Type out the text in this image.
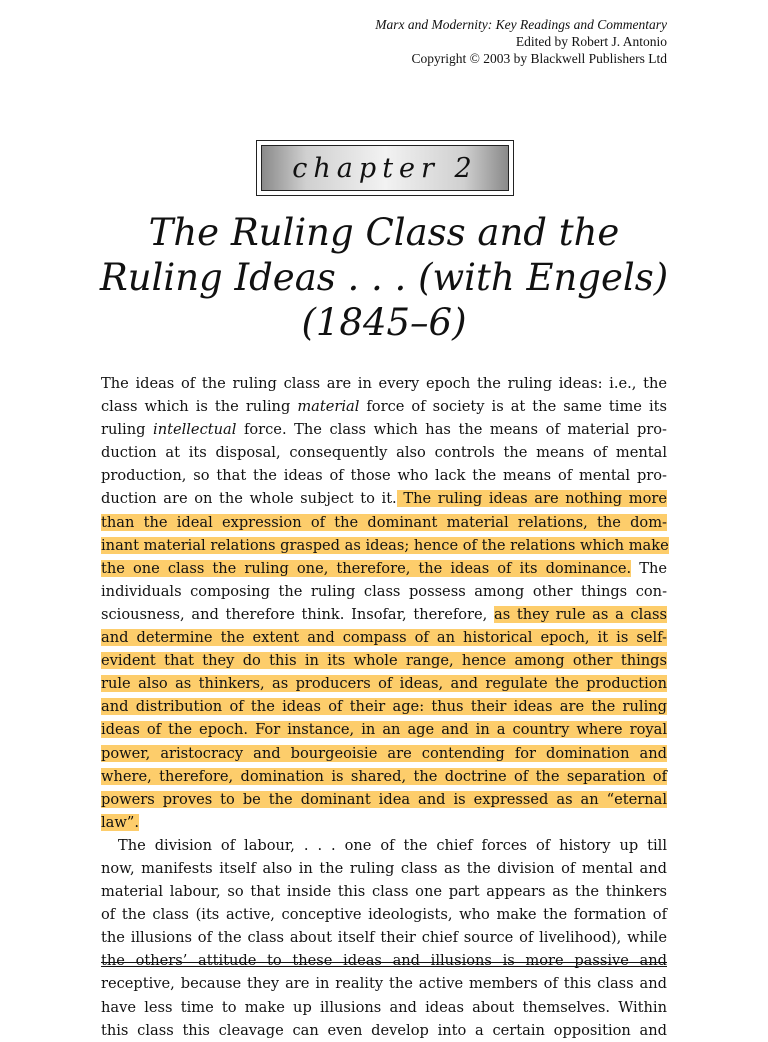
Marx and Modernity: Key Readings and Commentary
Edited by Robert J. Antonio
Copyright © 2003 by Blackwell Publishers Ltd
chapter 2
The Ruling Class and the
Ruling Ideas . . . (with Engels)
(1845–6)
The ideas of the ruling class are in every epoch the ruling ideas: i.e., the
class which is the ruling material force of society is at the same time its
ruling intellectual force. The class which has the means of material pro-
duction at its disposal, consequently also controls the means of mental
production, so that the ideas of those who lack the means of mental pro-
duction are on the whole subject to it. The ruling ideas are nothing more
than the ideal expression of the dominant material relations, the dom-
inant material relations grasped as ideas; hence of the relations which make
the one class the ruling one, therefore, the ideas of its dominance. The
individuals composing the ruling class possess among other things con-
sciousness, and therefore think. Insofar, therefore, as they rule as a class
and determine the extent and compass of an historical epoch, it is self-
evident that they do this in its whole range, hence among other things
rule also as thinkers, as producers of ideas, and regulate the production
and distribution of the ideas of their age: thus their ideas are the ruling
ideas of the epoch. For instance, in an age and in a country where royal
power, aristocracy and bourgeoisie are contending for domination and
where, therefore, domination is shared, the doctrine of the separation of
powers proves to be the dominant idea and is expressed as an “eternal
law”.
The division of labour, . . . one of the chief forces of history up till
now, manifests itself also in the ruling class as the division of mental and
material labour, so that inside this class one part appears as the thinkers
of the class (its active, conceptive ideologists, who make the formation of
the illusions of the class about itself their chief source of livelihood), while
the others’ attitude to these ideas and illusions is more passive and
receptive, because they are in reality the active members of this class and
have less time to make up illusions and ideas about themselves. Within
this class this cleavage can even develop into a certain opposition and
